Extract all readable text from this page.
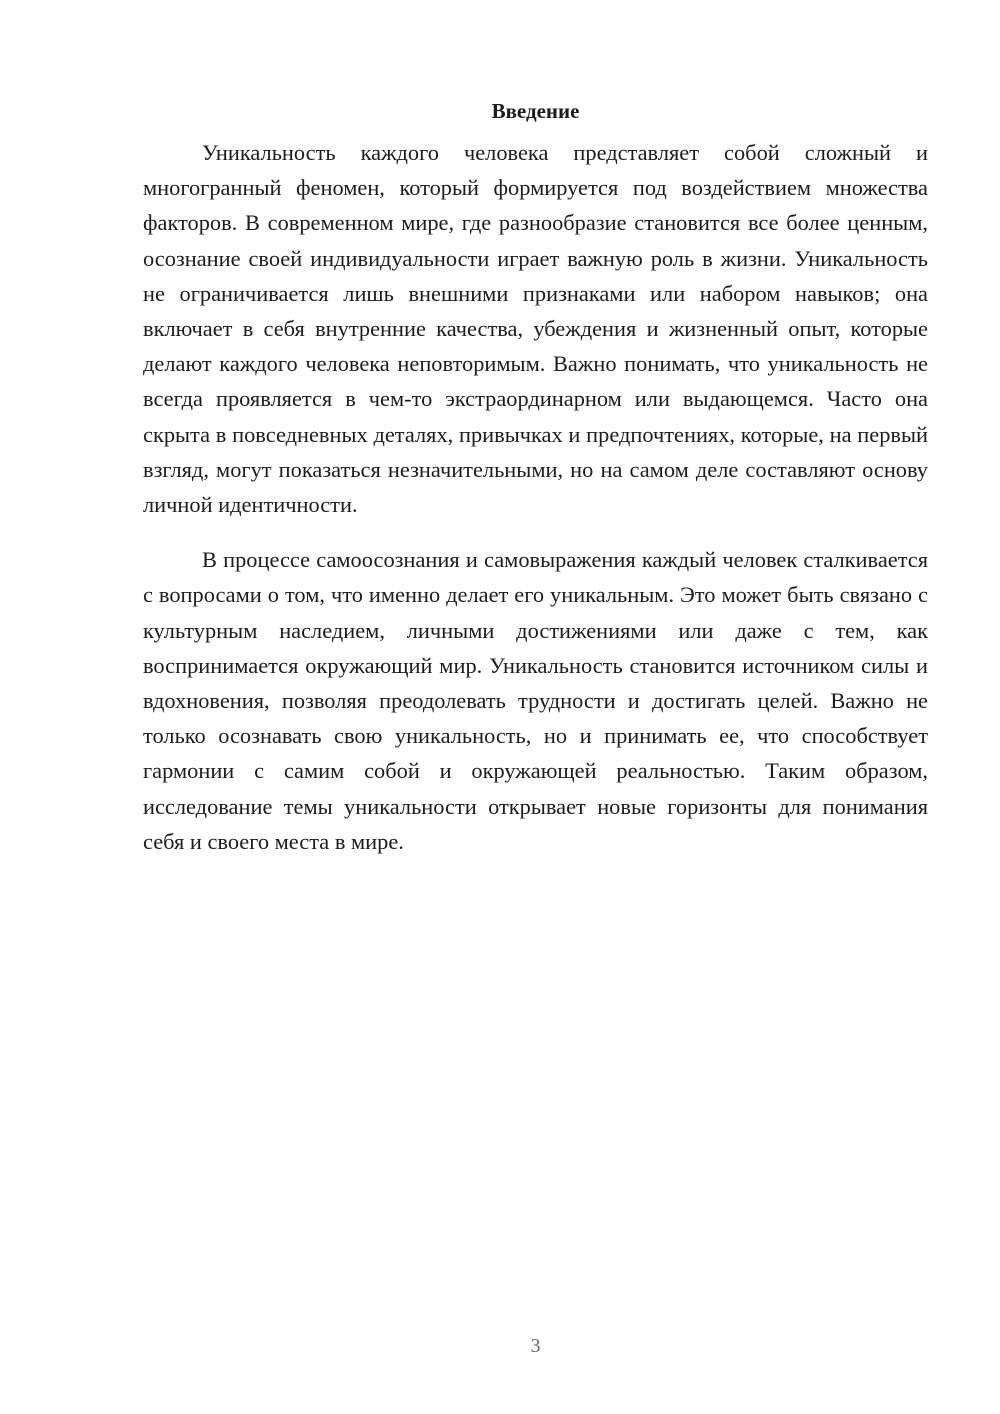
Введение

Уникальность каждого человека представляет собой сложный и многогранный феномен, который формируется под воздействием множества факторов. В современном мире, где разнообразие становится все более ценным, осознание своей индивидуальности играет важную роль в жизни. Уникальность не ограничивается лишь внешними признаками или набором навыков; она включает в себя внутренние качества, убеждения и жизненный опыт, которые делают каждого человека неповторимым. Важно понимать, что уникальность не всегда проявляется в чем-то экстраординарном или выдающемся. Часто она скрыта в повседневных деталях, привычках и предпочтениях, которые, на первый взгляд, могут показаться незначительными, но на самом деле составляют основу личной идентичности.

В процессе самоосознания и самовыражения каждый человек сталкивается с вопросами о том, что именно делает его уникальным. Это может быть связано с культурным наследием, личными достижениями или даже с тем, как воспринимается окружающий мир. Уникальность становится источником силы и вдохновения, позволяя преодолевать трудности и достигать целей. Важно не только осознавать свою уникальность, но и принимать ее, что способствует гармонии с самим собой и окружающей реальностью. Таким образом, исследование темы уникальности открывает новые горизонты для понимания себя и своего места в мире.

3
